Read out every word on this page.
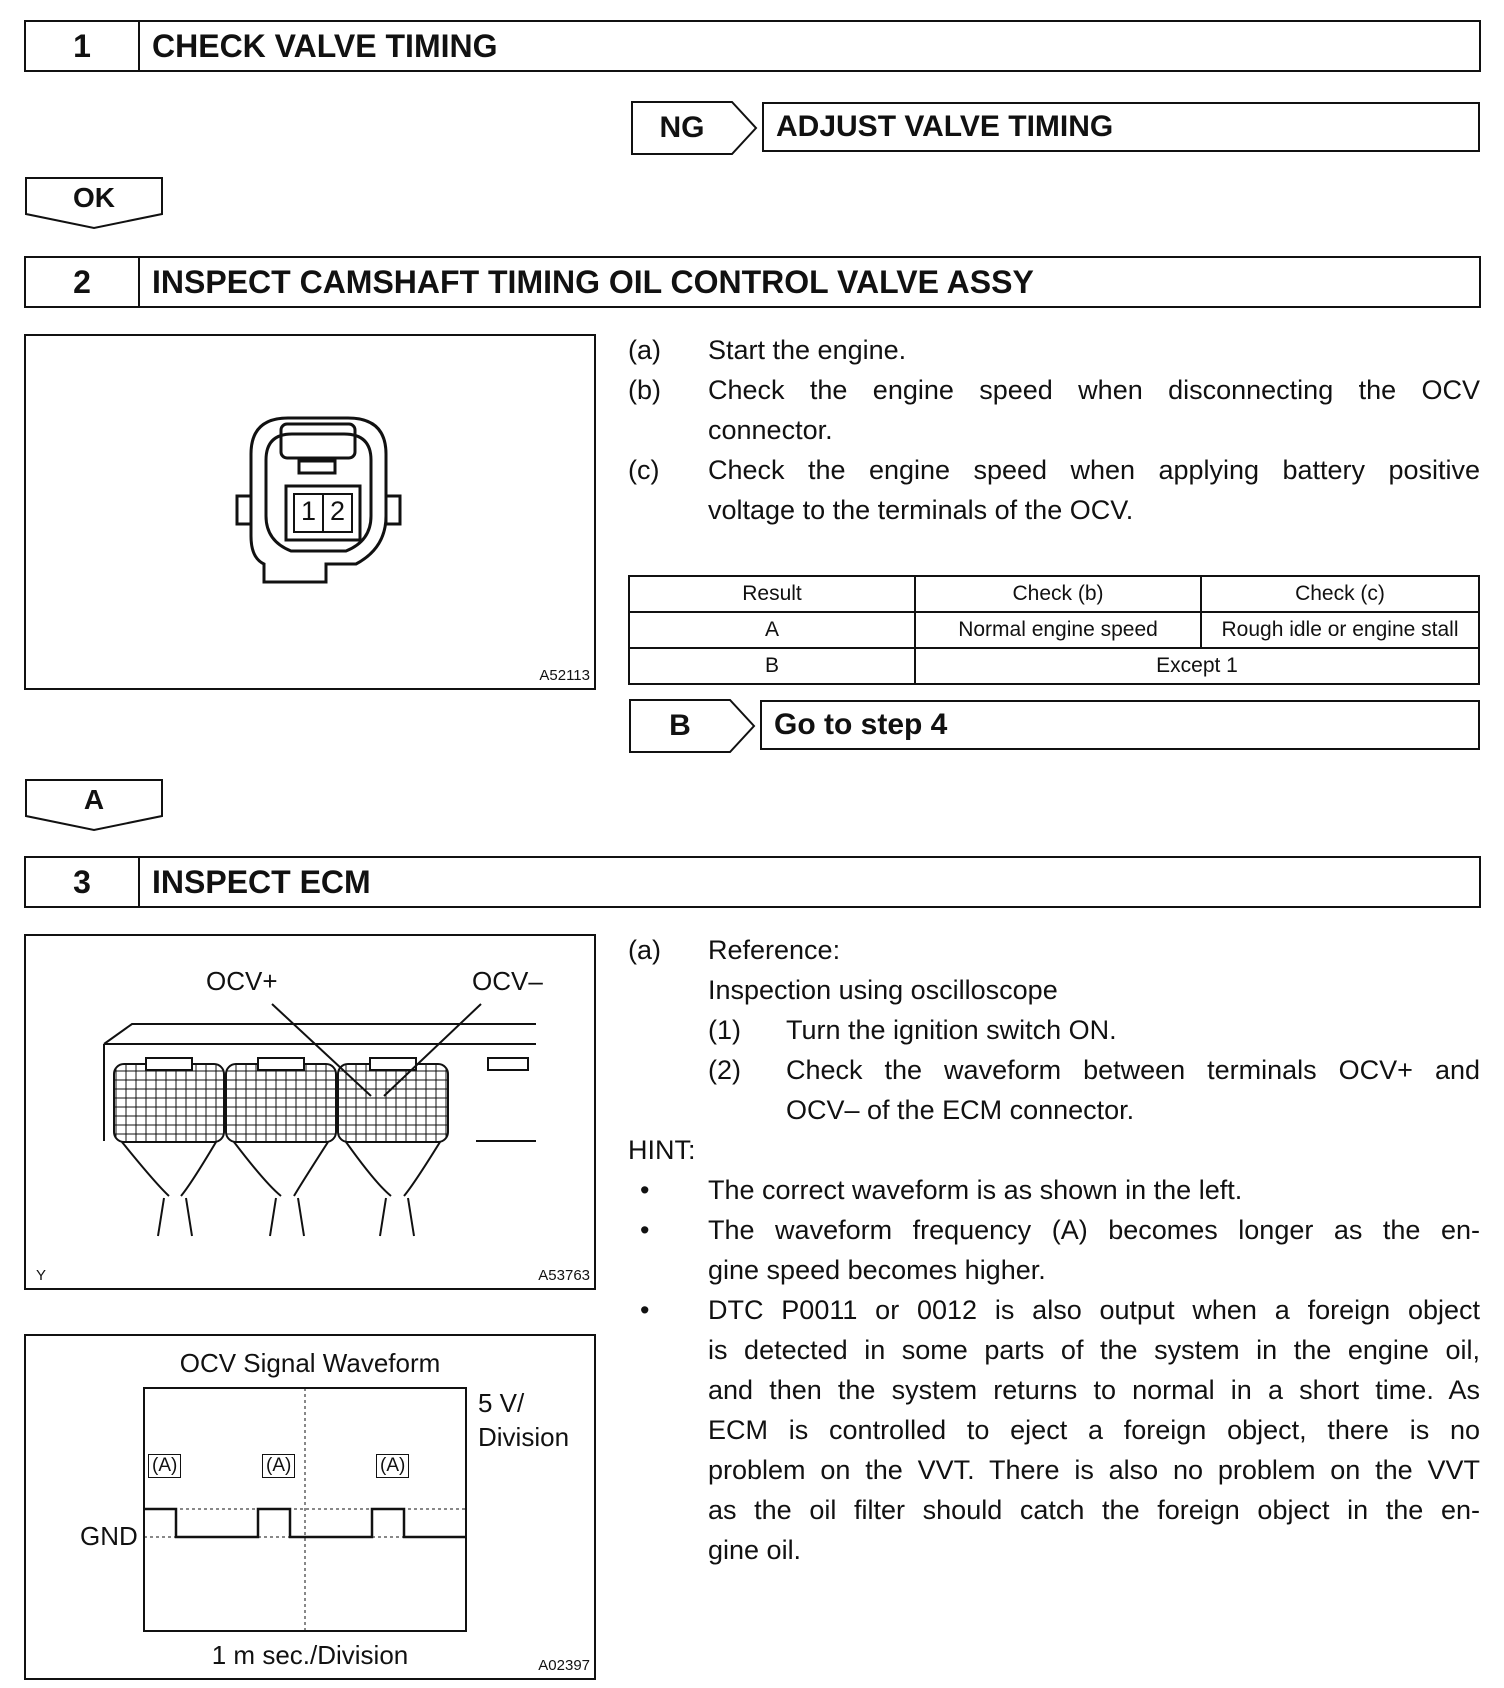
1	CHECK VALVE TIMING
NG	ADJUST VALVE TIMING
OK
2	INSPECT CAMSHAFT TIMING OIL CONTROL VALVE ASSY
1 2
A52113
(a) Start the engine.
(b) Check the engine speed when disconnecting the OCV
connector.
(c) Check the engine speed when applying battery positive
voltage to the terminals of the OCV.
Result	Check (b)	Check (c)
A	Normal engine speed	Rough idle or engine stall
B	Except 1	
B	Go to step 4
A
3	INSPECT ECM
OCV+	OCV–
Y	A53763
OCV Signal Waveform
(A)	(A)	(A)
5 V/
Division
GND
1 m sec./Division	A02397
(a) Reference:
Inspection using oscilloscope
(1) Turn the ignition switch ON.
(2) Check the waveform between terminals OCV+ and
OCV– of the ECM connector.
HINT:
• The correct waveform is as shown in the left.
• The waveform frequency (A) becomes longer as the en-
gine speed becomes higher.
• DTC P0011 or 0012 is also output when a foreign object
is detected in some parts of the system in the engine oil,
and then the system returns to normal in a short time. As
ECM is controlled to eject a foreign object, there is no
problem on the VVT. There is also no problem on the VVT
as the oil filter should catch the foreign object in the en-
gine oil.
